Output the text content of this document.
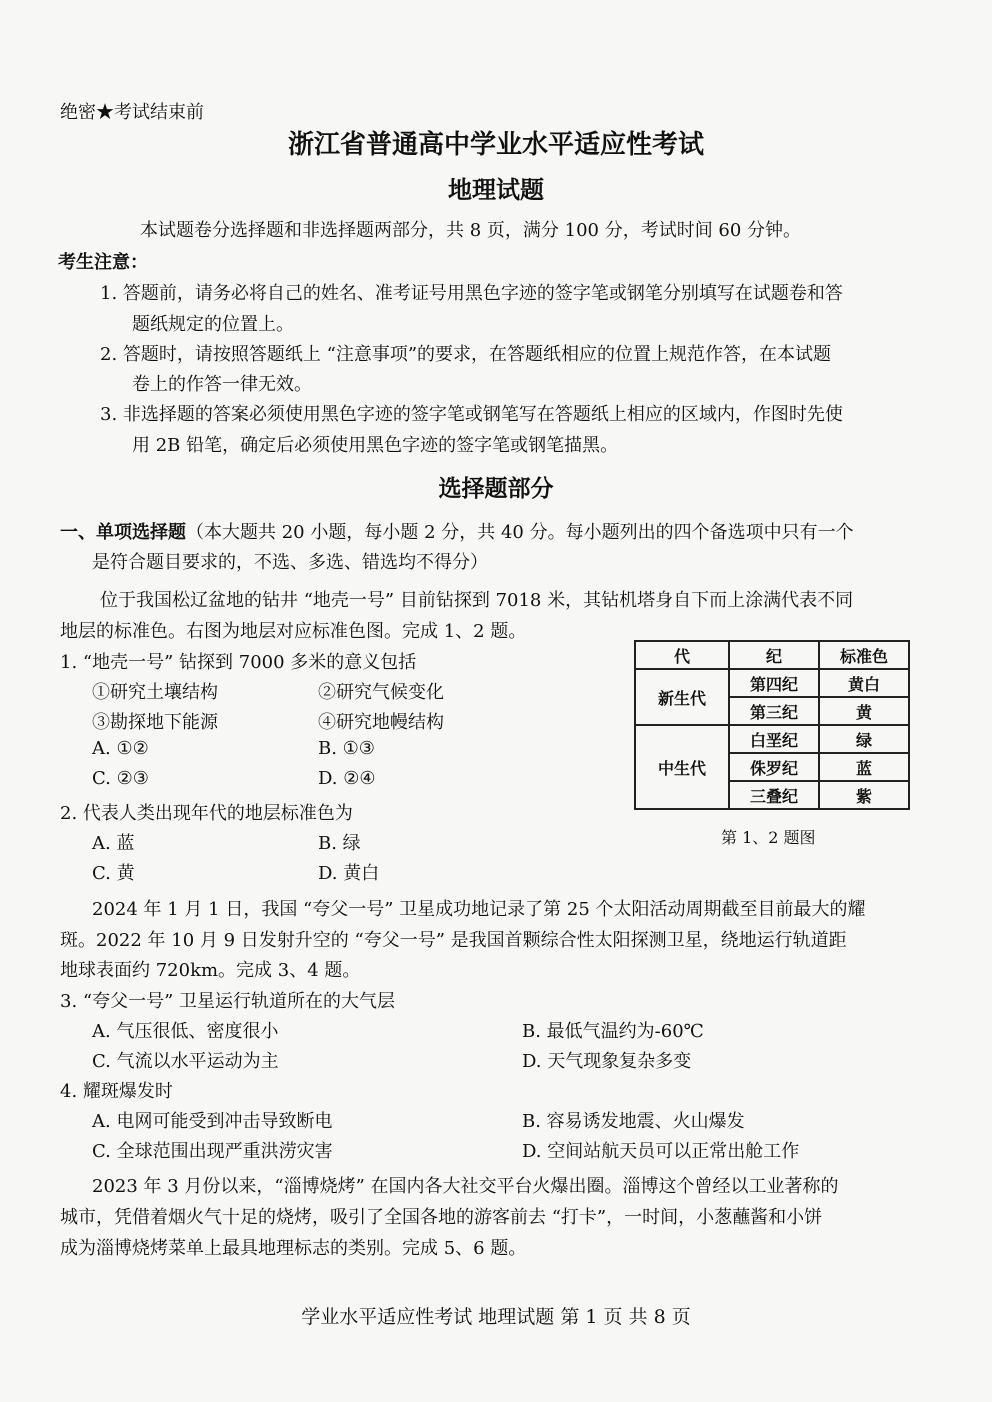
绝密★考试结束前
浙江省普通高中学业水平适应性考试
地理试题
本试题卷分选择题和非选择题两部分，共 8 页，满分 100 分，考试时间 60 分钟。
考生注意：
1. 答题前，请务必将自己的姓名、准考证号用黑色字迹的签字笔或钢笔分别填写在试题卷和答
题纸规定的位置上。
2. 答题时，请按照答题纸上 “注意事项”的要求，在答题纸相应的位置上规范作答，在本试题
卷上的作答一律无效。
3. 非选择题的答案必须使用黑色字迹的签字笔或钢笔写在答题纸上相应的区域内，作图时先使
用 2B 铅笔，确定后必须使用黑色字迹的签字笔或钢笔描黑。
选择题部分
一、单项选择题（本大题共 20 小题，每小题 2 分，共 40 分。每小题列出的四个备选项中只有一个
是符合题目要求的，不选、多选、错选均不得分）
位于我国松辽盆地的钻井 “地壳一号” 目前钻探到 7018 米，其钻机塔身自下而上涂满代表不同
地层的标准色。右图为地层对应标准色图。完成 1、2 题。
1. “地壳一号” 钻探到 7000 多米的意义包括
①研究土壤结构	②研究气候变化
③勘探地下能源	④研究地幔结构
A. ①②	B. ①③
C. ②③	D. ②④
2. 代表人类出现年代的地层标准色为
A. 蓝	B. 绿
C. 黄	D. 黄白
代	纪	标准色
新生代	第四纪	黄白
	第三纪	黄
中生代	白垩纪	绿
	侏罗纪	蓝
	三叠纪	紫
第 1、2 题图
2024 年 1 月 1 日，我国 “夸父一号” 卫星成功地记录了第 25 个太阳活动周期截至目前最大的耀
斑。2022 年 10 月 9 日发射升空的 “夸父一号” 是我国首颗综合性太阳探测卫星，绕地运行轨道距
地球表面约 720km。完成 3、4 题。
3. “夸父一号” 卫星运行轨道所在的大气层
A. 气压很低、密度很小	B. 最低气温约为-60℃
C. 气流以水平运动为主	D. 天气现象复杂多变
4. 耀斑爆发时
A. 电网可能受到冲击导致断电	B. 容易诱发地震、火山爆发
C. 全球范围出现严重洪涝灾害	D. 空间站航天员可以正常出舱工作
2023 年 3 月份以来，“淄博烧烤” 在国内各大社交平台火爆出圈。淄博这个曾经以工业著称的
城市，凭借着烟火气十足的烧烤，吸引了全国各地的游客前去 “打卡”，一时间，小葱蘸酱和小饼
成为淄博烧烤菜单上最具地理标志的类别。完成 5、6 题。
学业水平适应性考试 地理试题 第 1 页 共 8 页
